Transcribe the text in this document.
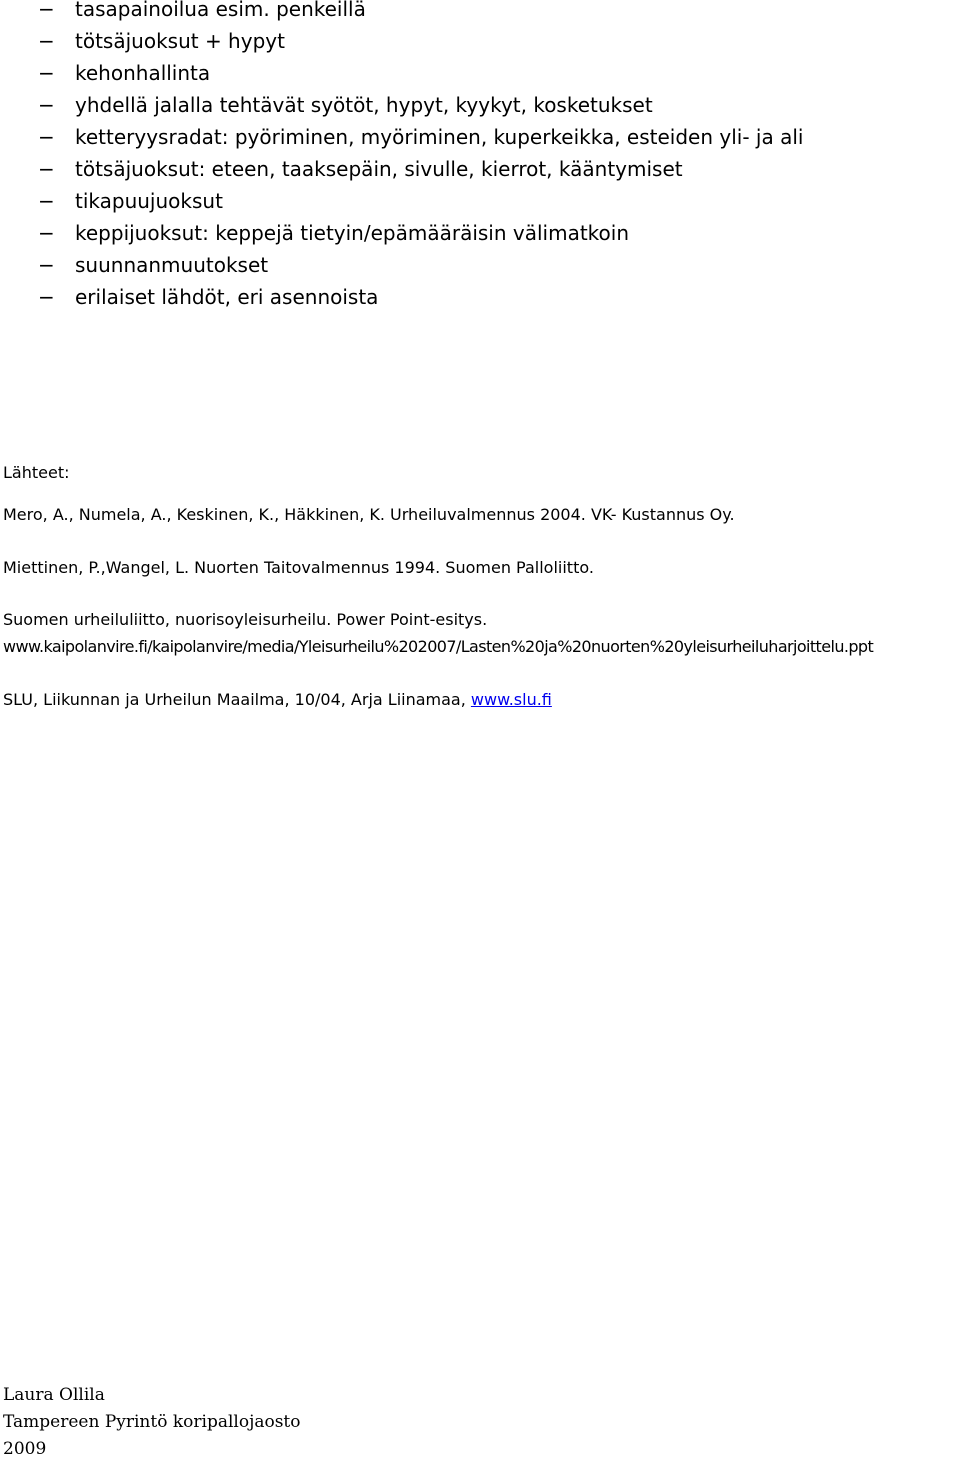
− tasapainoilua esim. penkeillä
− tötsäjuoksut + hypyt
− kehonhallinta
− yhdellä jalalla tehtävät syötöt, hypyt, kyykyt, kosketukset
− ketteryysradat: pyöriminen, myöriminen, kuperkeikka, esteiden yli- ja ali
− tötsäjuoksut: eteen, taaksepäin, sivulle, kierrot, kääntymiset
− tikapuujuoksut
− keppijuoksut: keppejä tietyin/epämääräisin välimatkoin
− suunnanmuutokset
− erilaiset lähdöt, eri asennoista
Lähteet:
Mero, A., Numela, A., Keskinen, K., Häkkinen, K. Urheiluvalmennus 2004. VK- Kustannus Oy.
Miettinen, P.,Wangel, L. Nuorten Taitovalmennus 1994. Suomen Palloliitto.
Suomen urheiluliitto, nuorisoyleisurheilu. Power Point-esitys.
www.kaipolanvire.fi/kaipolanvire/media/Yleisurheilu%202007/Lasten%20ja%20nuorten%20yleisurheiluharjoittelu.ppt
SLU, Liikunnan ja Urheilun Maailma, 10/04, Arja Liinamaa, www.slu.fi
Laura Ollila
Tampereen Pyrintö koripallojaosto
2009
